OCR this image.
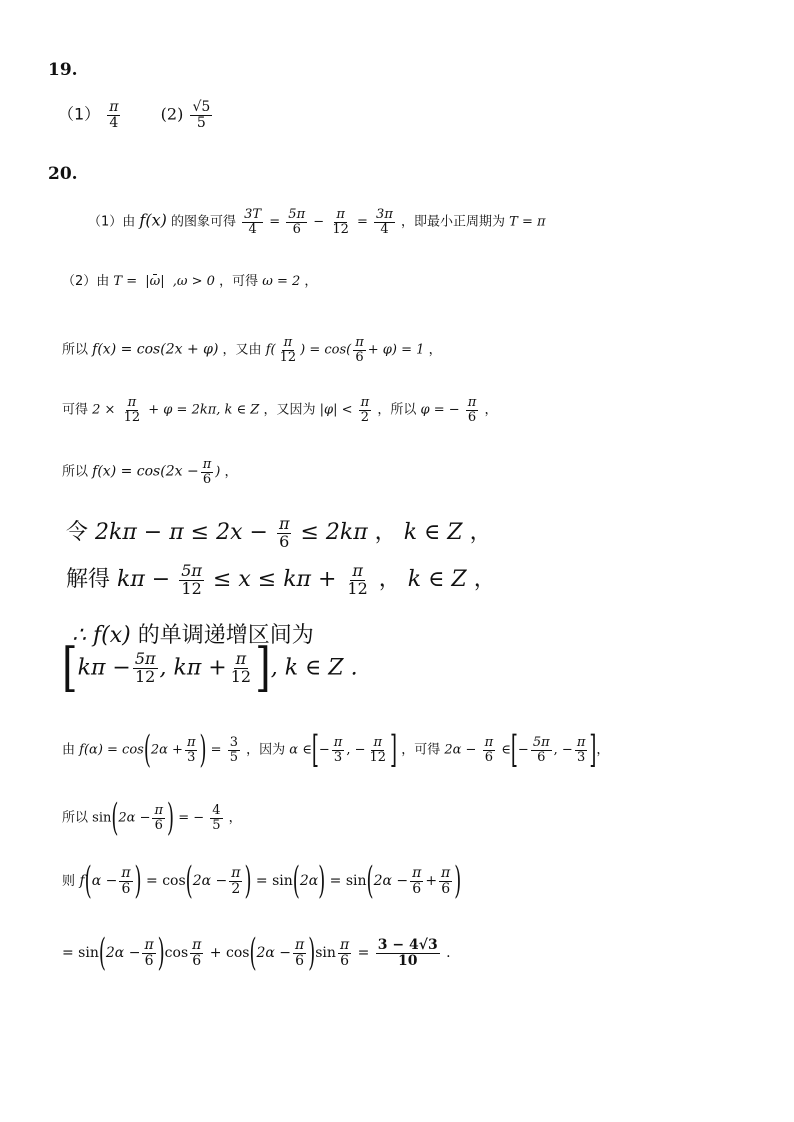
19.
$(1) \frac{\pi}{4}$	$(2) \frac{√5}{5}$
20.
（1）由 f(x) 的图象可得 $\frac{3T}{4} = \frac{5\pi}{6} - \frac{\pi}{12} = \frac{3\pi}{4}$ ，即最小正周期为 T = π
（2）由 T = |ω| ,ω > 0 ，可得 ω = 2 ，
所以 f(x) = cos(2x + φ) ，又由 $f( \frac{\pi}{12}$ ) = $\cos( \frac{\pi}{6} + \varphi) = 1$ ，
可得 $2 \times \frac{\pi}{12} + \varphi = 2k\pi$, k ∈ Z ，又因为 $|\varphi| < \frac{\pi}{2}$ ，所以 φ = − $\frac{\pi}{6}$ ，
所以 $f(x) = \cos(2x - \frac{\pi}{6}$ ) ，
令 $2k\pi - \pi \le 2x - \frac{\pi}{6} \le 2k\pi$ ， k ∈ Z ，
解得 $k\pi - \frac{5\pi}{12} \le x \le k\pi + \frac{\pi}{12}$ ， k ∈ Z ，
∴ f(x) 的单调递增区间为
[$k\pi - \frac{5\pi}{12}$ , $k\pi + \frac{\pi}{12}$ ], k ∈ Z .
由 $f(\alpha) = \cos(2\alpha + \frac{\pi}{3}$ ) = $\frac{3}{5}$ ，因为 α ∈[− $\frac{\pi}{3}$ , − $\frac{\pi}{12}$ ] ，可得 $2\alpha - \frac{\pi}{6}$ ∈[− $\frac{5\pi}{6}$ , − $\frac{\pi}{3}$ ]，
所以 $\sin(2\alpha - \frac{\pi}{6}$ ) = − $\frac{4}{5}$ ，
则 $f(\alpha - \frac{\pi}{6}$ ) = $\cos(2\alpha - \frac{\pi}{2}$ ) = $\sin(2\alpha) = \sin(2\alpha - \frac{\pi}{6} + \frac{\pi}{6}$ )
= $\sin(2\alpha - \frac{\pi}{6} )\cos \frac{\pi}{6} + \cos(2\alpha - \frac{\pi}{6} )\sin \frac{\pi}{6} = \frac{3 - 4√3}{10}$ .
